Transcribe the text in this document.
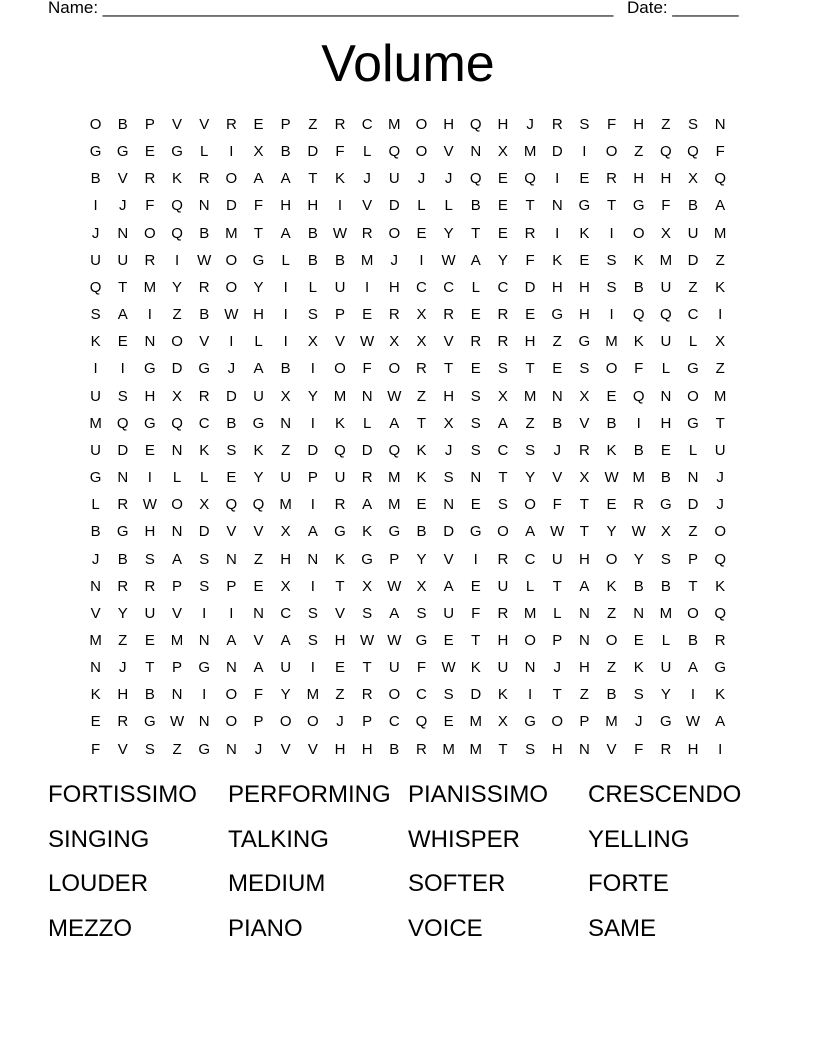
Name: ______________________________________________________ Date: _______
Volume
O	B	P	V	V	R	E	P	Z	R	C	M	O	H	Q	H	J	R	S	F	H	Z	S	N
G	G	E	G	L	I	X	B	D	F	L	Q	O	V	N	X	M	D	I	O	Z	Q	Q	F
B	V	R	K	R	O	A	A	T	K	J	U	J	J	Q	E	Q	I	E	R	H	H	X	Q
I	J	F	Q	N	D	F	H	H	I	V	D	L	L	B	E	T	N	G	T	G	F	B	A
J	N	O	Q	B	M	T	A	B	W R	O	E	Y	T	E	R	I	K	I	O	X	U	M
U	U	R	I	W O	G	L	B	B	M	J	I	W	A	Y	F	K	E	S	K	M	D	Z
Q	T	M	Y	R	O	Y	I	L	U	I	H	C	C	L	C	D	H	H	S	B	U	Z	K
S	A	I	Z	B	W H	I	S	P	E	R	X	R	E	R	E	G	H	I	Q	Q	C	I
K	E	N	O	V	I	L	I	X	V	W	X	X	V	R	R	H	Z	G	M	K	U	L	X
I	I	G	D	G	J	A	B	I	O	F	O	R	T	E	S	T	E	S	O	F	L	G	Z
U	S	H	X	R	D	U	X	Y	M	N W	Z	H	S	X	M	N	X	E	Q	N	O	M
M	Q	G	Q	C	B	G	N	I	K	L	A	T	X	S	A	Z	B	V	B	I	H	G	T
U	D	E	N	K	S	K	Z	D	Q	D	Q	K	J	S	C	S	J	R	K	B	E	L	U
G	N	I	L	L	E	Y	U	P	U	R	M	K	S	N	T	Y	V	X	W M	B	N	J
L	R W O	X	Q	Q	M	I	R	A	M	E	N	E	S	O	F	T	E	R	G	D	J
B	G	H	N	D	V	V	X	A	G	K	G	B	D	G	O	A	W	T	Y	W	X	Z	O
J	B	S	A	S	N	Z	H	N	K	G	P	Y	V	I	R	C	U	H	O	Y	S	P	Q
N	R	R	P	S	P	E	X	I	T	X	W	X	A	E	U	L	T	A	K	B	B	T	K
V	Y	U	V	I	I	N	C	S	V	S	A	S	U	F	R	M	L	N	Z	N	M	O	Q
M	Z	E	M	N	A	V	A	S	H W W G	E	T	H	O	P	N	O	E	L	B	R
N	J	T	P	G	N	A	U	I	E	T	U	F	W	K	U	N	J	H	Z	K	U	A	G
K	H	B	N	I	O	F	Y	M	Z	R	O	C	S	D	K	I	T	Z	B	S	Y	I	K
E	R	G W N	O	P	O	O	J	P	C	Q	E	M	X	G	O	P	M	J	G W	A
F	V	S	Z	G	N	J	V	V	H	H	B	R	M M	T	S	H	N	V	F	R	H	I
FORTISSIMO	PERFORMING PIANISSIMO	CRESCENDO
SINGING	TALKING	WHISPER	YELLING
LOUDER	MEDIUM	SOFTER	FORTE
MEZZO	PIANO	VOICE	SAME
